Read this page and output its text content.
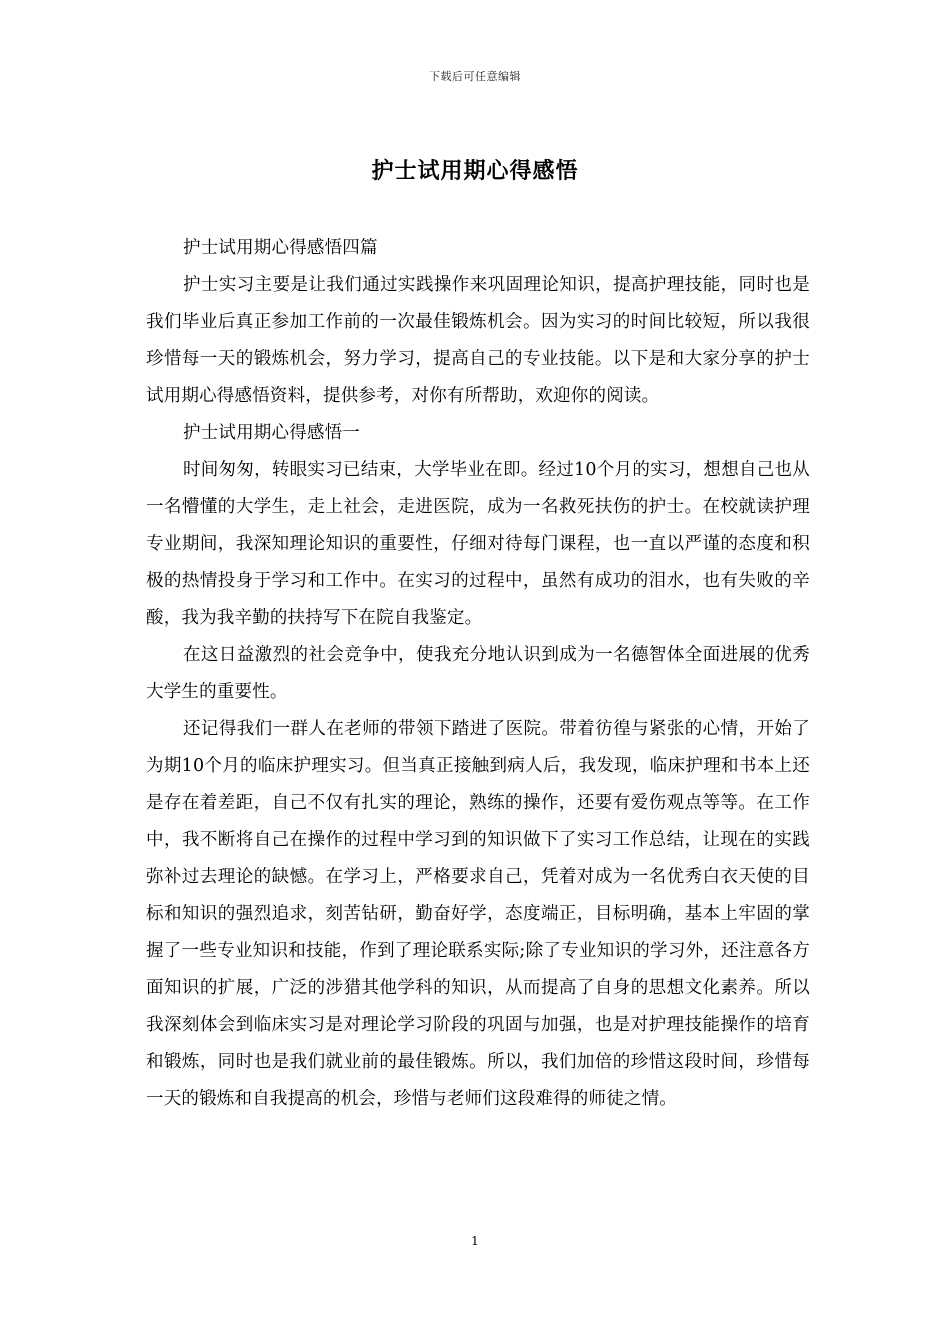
下载后可任意编辑
护士试用期心得感悟

护士试用期心得感悟四篇

护士实习主要是让我们通过实践操作来巩固理论知识，提高护理技能，同时也是我们毕业后真正参加工作前的一次最佳锻炼机会。因为实习的时间比较短，所以我很珍惜每一天的锻炼机会，努力学习，提高自己的专业技能。以下是和大家分享的护士试用期心得感悟资料，提供参考，对你有所帮助，欢迎你的阅读。

护士试用期心得感悟一

时间匆匆，转眼实习已结束，大学毕业在即。经过10个月的实习，想想自己也从一名懵懂的大学生，走上社会，走进医院，成为一名救死扶伤的护士。在校就读护理专业期间，我深知理论知识的重要性，仔细对待每门课程，也一直以严谨的态度和积极的热情投身于学习和工作中。在实习的过程中，虽然有成功的泪水，也有失败的辛酸，我为我辛勤的扶持写下在院自我鉴定。

在这日益激烈的社会竞争中，使我充分地认识到成为一名德智体全面进展的优秀大学生的重要性。

还记得我们一群人在老师的带领下踏进了医院。带着彷徨与紧张的心情，开始了为期10个月的临床护理实习。但当真正接触到病人后，我发现，临床护理和书本上还是存在着差距，自己不仅有扎实的理论，熟练的操作，还要有爱伤观点等等。在工作中，我不断将自己在操作的过程中学习到的知识做下了实习工作总结，让现在的实践弥补过去理论的缺憾。在学习上，严格要求自己，凭着对成为一名优秀白衣天使的目标和知识的强烈追求，刻苦钻研，勤奋好学，态度端正，目标明确，基本上牢固的掌握了一些专业知识和技能，作到了理论联系实际;除了专业知识的学习外，还注意各方面知识的扩展，广泛的涉猎其他学科的知识，从而提高了自身的思想文化素养。所以我深刻体会到临床实习是对理论学习阶段的巩固与加强，也是对护理技能操作的培育和锻炼，同时也是我们就业前的最佳锻炼。所以，我们加倍的珍惜这段时间，珍惜每一天的锻炼和自我提高的机会，珍惜与老师们这段难得的师徒之情。

1
